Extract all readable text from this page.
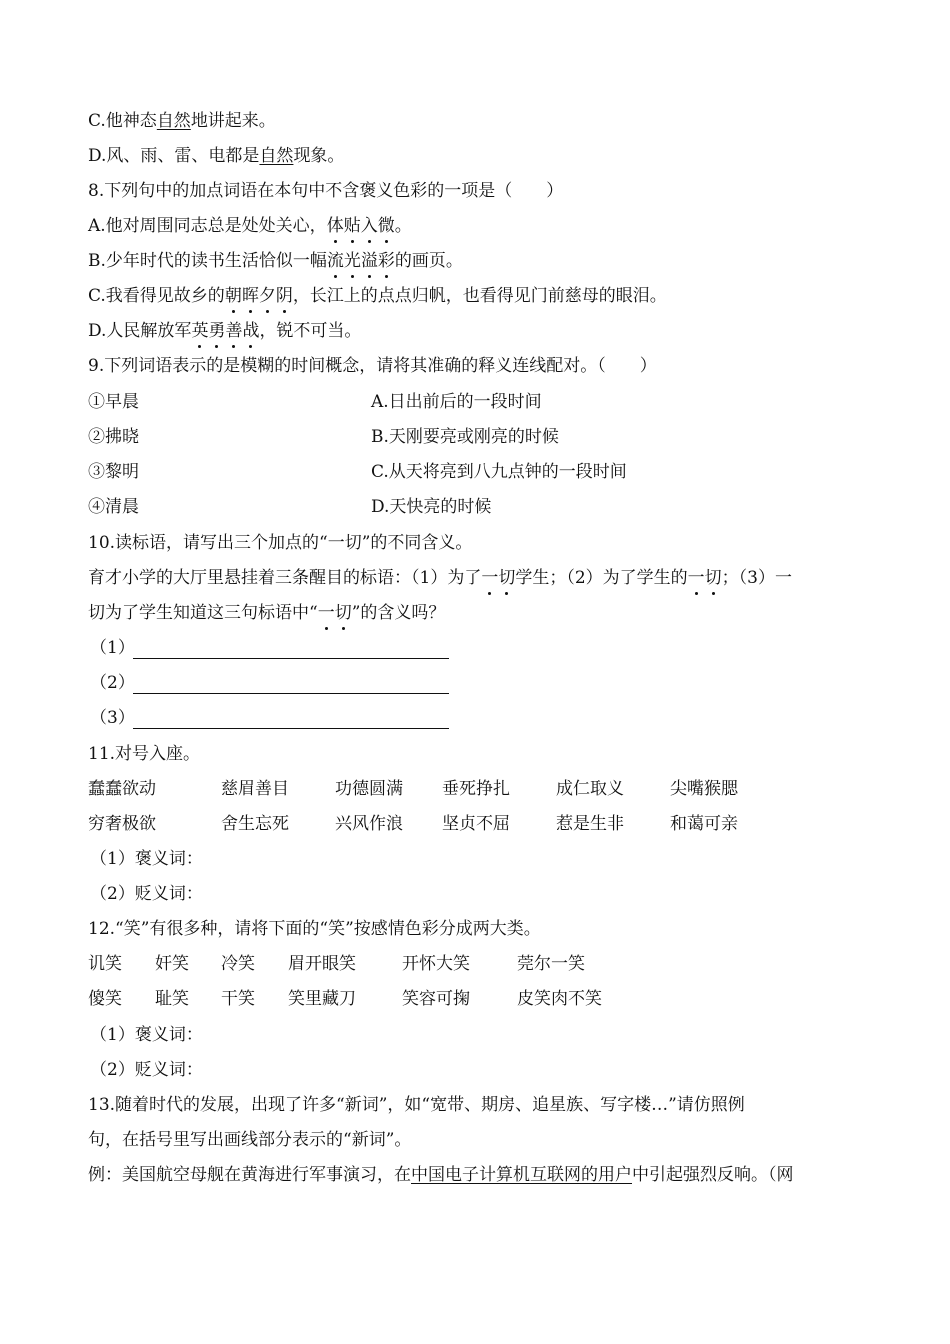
C.他神态自然地讲起来。
D.风、雨、雷、电都是自然现象。
8.下列句中的加点词语在本句中不含褒义色彩的一项是（　　）
A.他对周围同志总是处处关心，体贴入微。
B.少年时代的读书生活恰似一幅流光溢彩的画页。
C.我看得见故乡的朝晖夕阴，长江上的点点归帆，也看得见门前慈母的眼泪。
D.人民解放军英勇善战，锐不可当。
9.下列词语表示的是模糊的时间概念，请将其准确的释义连线配对。（　　）
①早晨	A.日出前后的一段时间
②拂晓	B.天刚要亮或刚亮的时候
③黎明	C.从天将亮到八九点钟的一段时间
④清晨	D.天快亮的时候
10.读标语，请写出三个加点的“一切”的不同含义。
育才小学的大厅里悬挂着三条醒目的标语：（1）为了一切学生；（2）为了学生的一切；（3）一
切为了学生知道这三句标语中“一切”的含义吗？
（1）
（2）
（3）
11.对号入座。
蠢蠢欲动	慈眉善目	功德圆满 垂死挣扎	成仁取义	尖嘴猴腮
穷奢极欲	舍生忘死	兴风作浪 坚贞不屈	惹是生非	和蔼可亲
（1）褒义词：
（2）贬义词：
12.“笑”有很多种，请将下面的“笑”按感情色彩分成两大类。
讥笑 奸笑 冷笑 眉开眼笑	开怀大笑	莞尔一笑
傻笑 耻笑 干笑 笑里藏刀	笑容可掬	皮笑肉不笑
（1）褒义词：
（2）贬义词：
13.随着时代的发展，出现了许多“新词”，如“宽带、期房、追星族、写字楼…”请仿照例
句，在括号里写出画线部分表示的“新词”。
例：美国航空母舰在黄海进行军事演习，在中国电子计算机互联网的用户中引起强烈反响。（网
